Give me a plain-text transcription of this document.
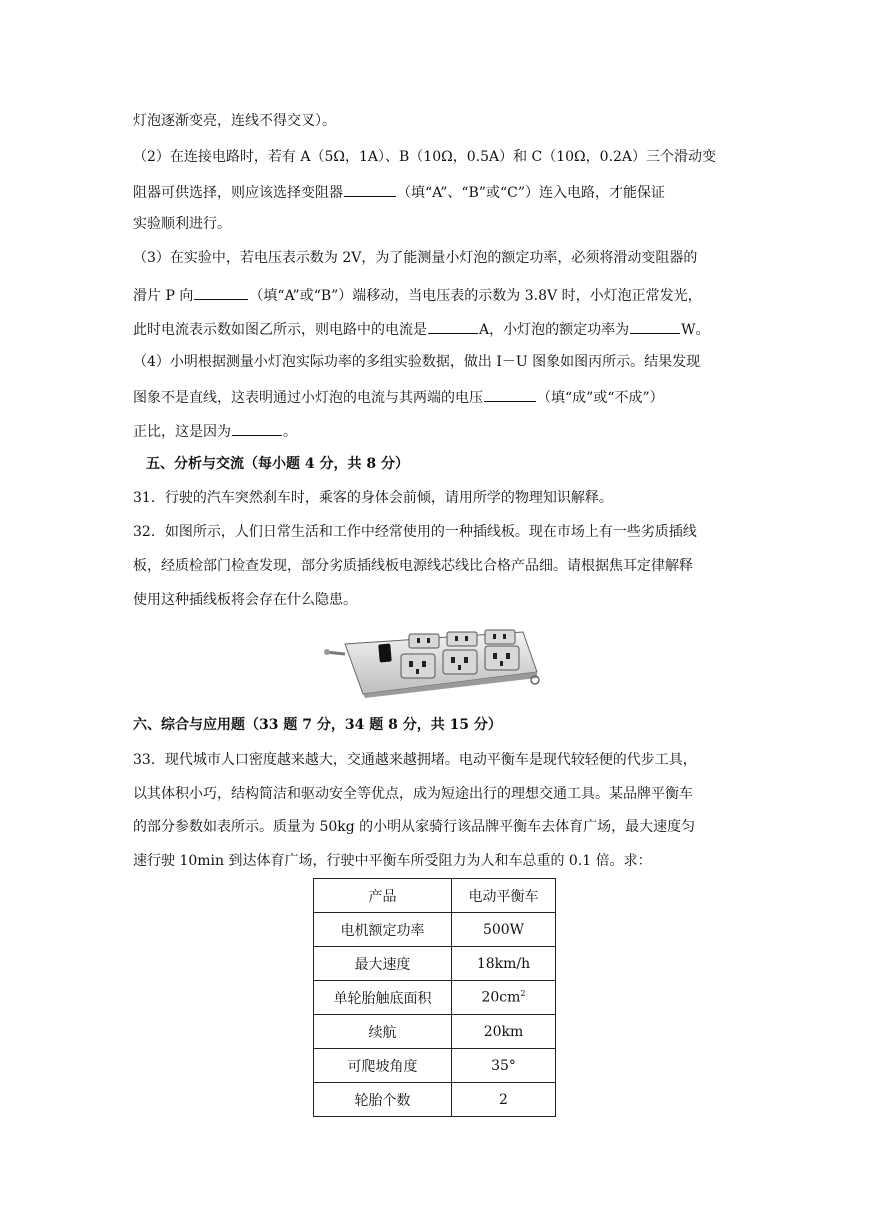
灯泡逐渐变亮，连线不得交叉）。
（2）在连接电路时，若有 A（5Ω，1A）、B（10Ω，0.5A）和 C（10Ω，0.2A）三个滑动变
阻器可供选择，则应该选择变阻器	（填“A”、“B”或“C”）连入电路，才能保证
实验顺利进行。
（3）在实验中，若电压表示数为 2V，为了能测量小灯泡的额定功率，必须将滑动变阻器的
滑片 P 向	（填“A”或“B”）端移动，当电压表的示数为 3.8V 时，小灯泡正常发光，
此时电流表示数如图乙所示，则电路中的电流是	A，小灯泡的额定功率为	W。
（4）小明根据测量小灯泡实际功率的多组实验数据，做出 I－U 图象如图丙所示。结果发现
图象不是直线，这表明通过小灯泡的电流与其两端的电压	（填“成”或“不成”）
正比，这是因为	。
五、分析与交流（每小题 4 分，共 8 分）
31．行驶的汽车突然刹车时，乘客的身体会前倾，请用所学的物理知识解释。
32．如图所示，人们日常生活和工作中经常使用的一种插线板。现在市场上有一些劣质插线
板，经质检部门检查发现，部分劣质插线板电源线芯线比合格产品细。请根据焦耳定律解释
使用这种插线板将会存在什么隐患。
六、综合与应用题（33 题 7 分，34 题 8 分，共 15 分）
33．现代城市人口密度越来越大，交通越来越拥堵。电动平衡车是现代较轻便的代步工具，
以其体积小巧，结构简洁和驱动安全等优点，成为短途出行的理想交通工具。某品牌平衡车
的部分参数如表所示。质量为 50kg 的小明从家骑行该品牌平衡车去体育广场，最大速度匀
速行驶 10min 到达体育广场，行驶中平衡车所受阻力为人和车总重的 0.1 倍。求：
产品	电动平衡车
电机额定功率	500W
最大速度	18km/h
单轮胎触底面积	$20cm^2$
续航	20km
可爬坡角度	35°
轮胎个数	2
